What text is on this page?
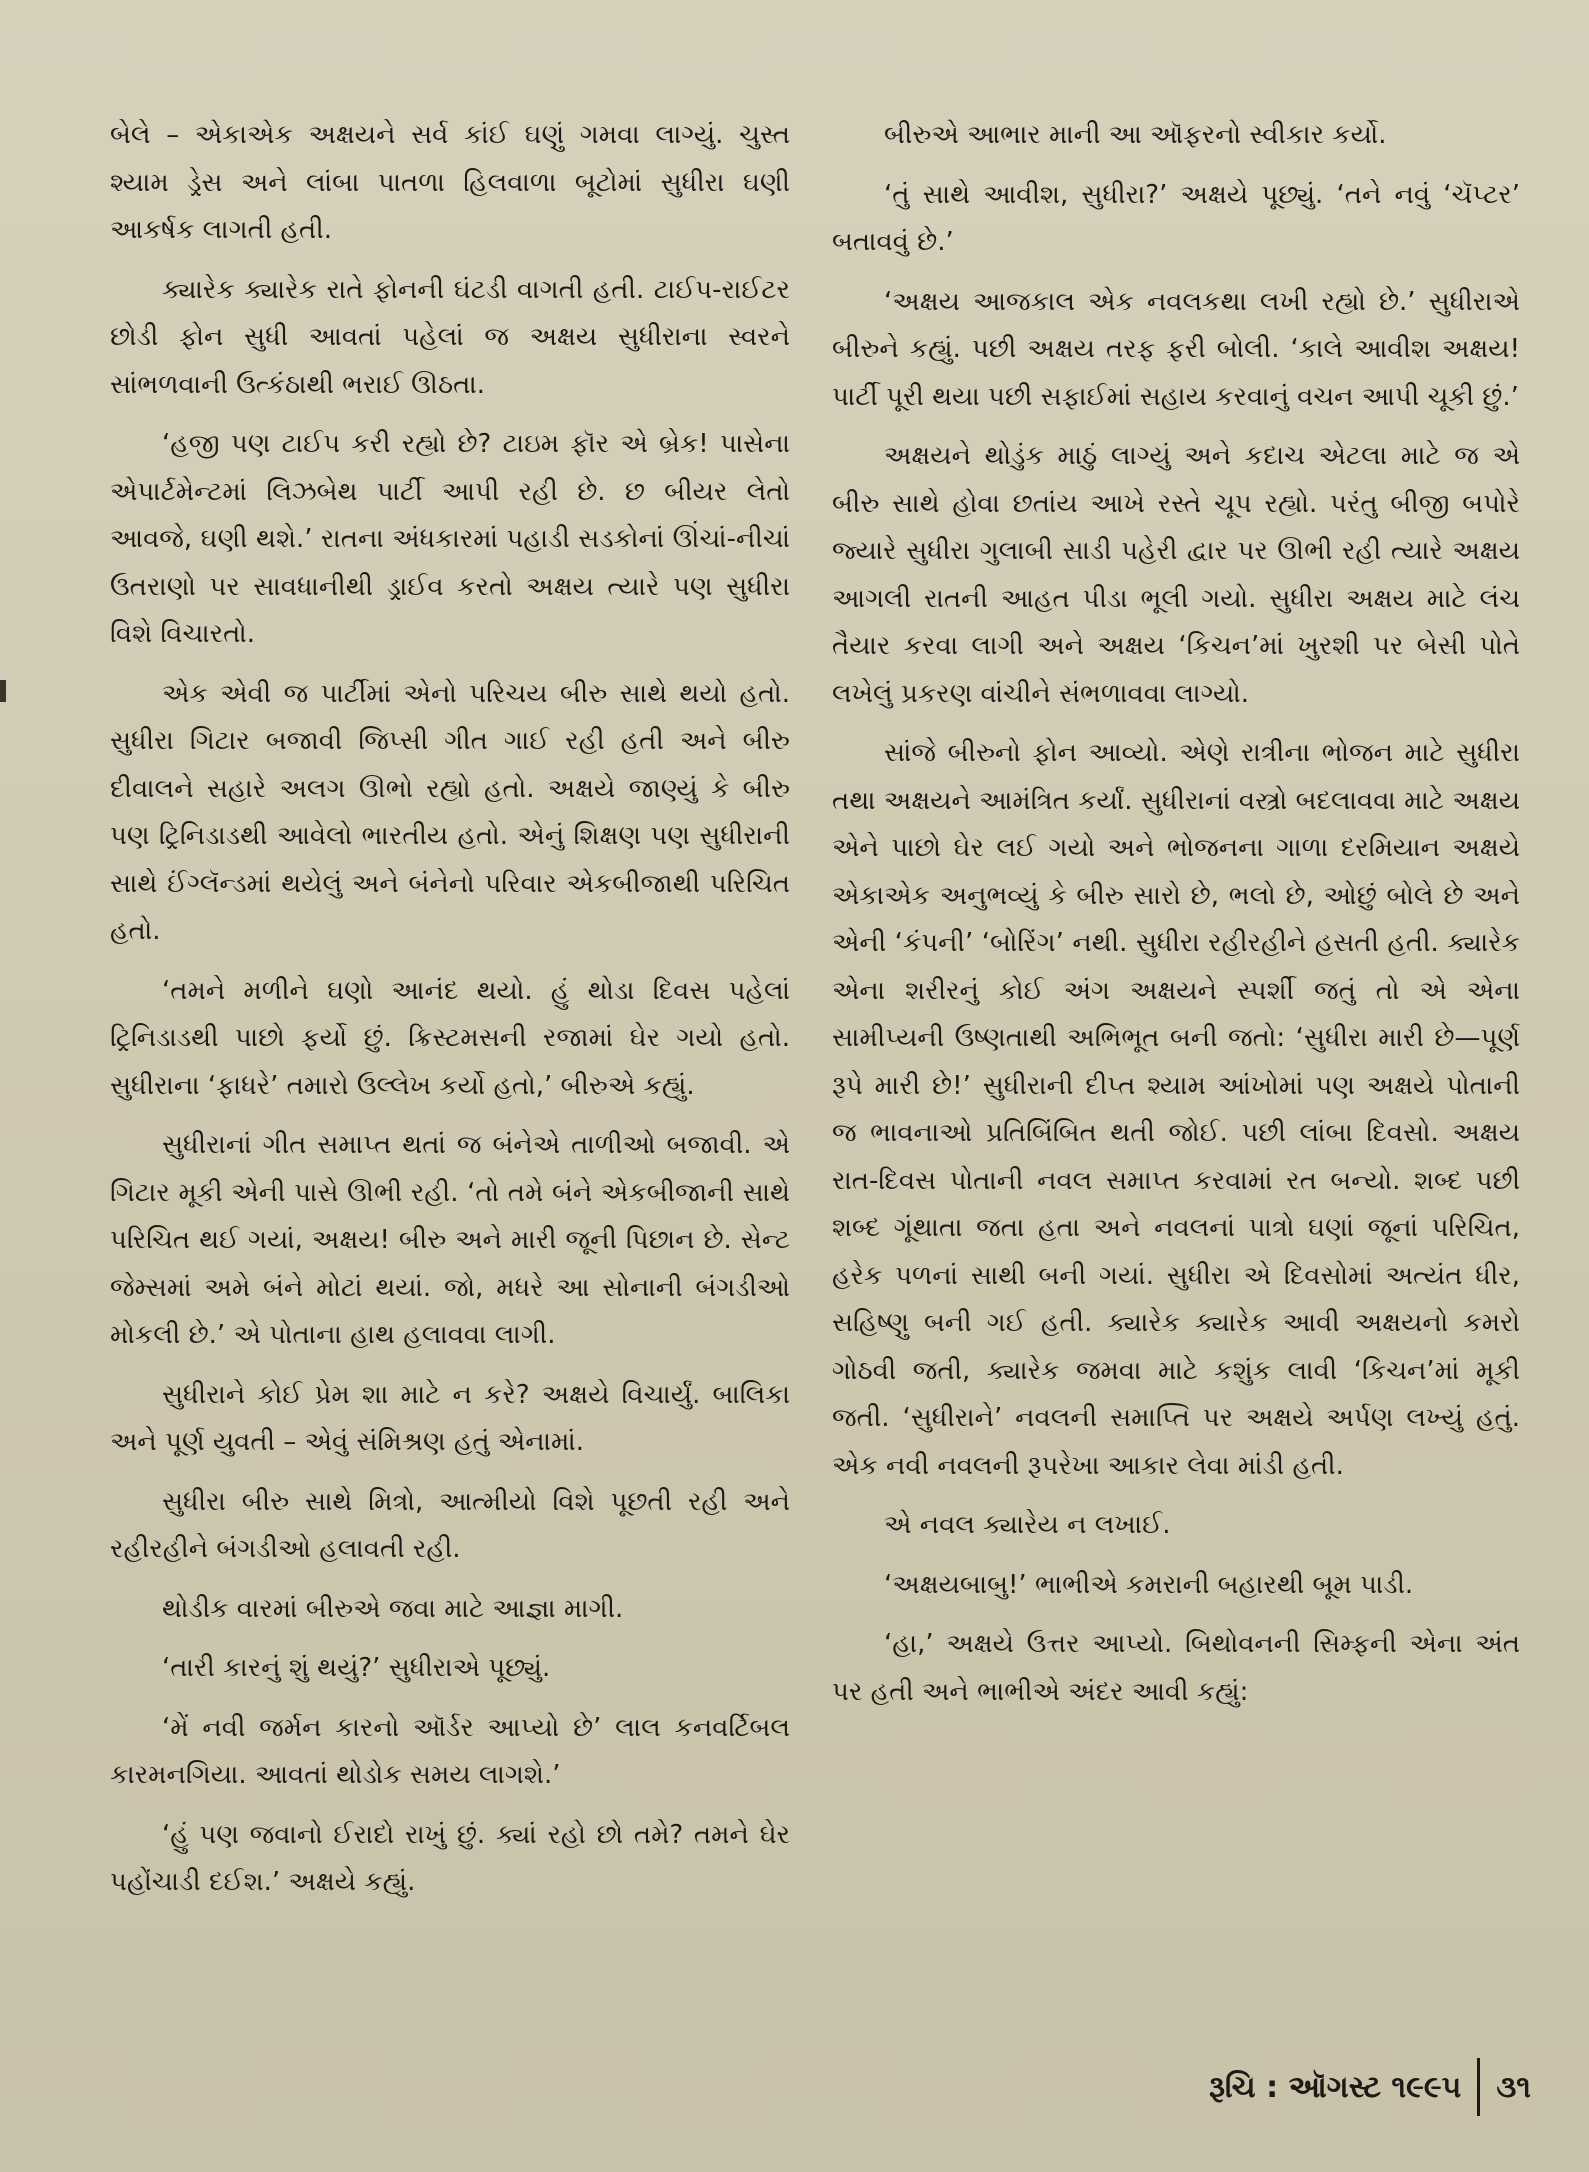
બેલે – એકાએક અક્ષયને સર્વ કાંઈ ઘણું ગમવા લાગ્યું. ચુસ્ત શ્યામ ડ્રેસ અને લાંબા પાતળા હિલવાળા બૂટોમાં સુધીરા ઘણી આકર્ષક લાગતી હતી.

ક્યારેક ક્યારેક રાતે ફોનની ઘંટડી વાગતી હતી. ટાઈપ-રાઈટર છોડી ફોન સુધી આવતાં પહેલાં જ અક્ષય સુધીરાના સ્વરને સાંભળવાની ઉત્કંઠાથી ભરાઈ ઊઠતા.

‘હજી પણ ટાઈપ કરી રહ્યો છે? ટાઇમ ફૉર એ બ્રેક! પાસેના એપાર્ટમેન્ટમાં લિઝબેથ પાર્ટી આપી રહી છે. છ બીયર લેતો આવજે, ઘણી થશે.’ રાતના અંધકારમાં પહાડી સડકોનાં ઊંચાં-નીચાં ઉતરાણો પર સાવધાનીથી ડ્રાઈવ કરતો અક્ષય ત્યારે પણ સુધીરા વિશે વિચારતો.

એક એવી જ પાર્ટીમાં એનો પરિચય બીરુ સાથે થયો હતો. સુધીરા ગિટાર બજાવી જિપ્સી ગીત ગાઈ રહી હતી અને બીરુ દીવાલને સહારે અલગ ઊભો રહ્યો હતો. અક્ષયે જાણ્યું કે બીરુ પણ ટ્રિનિડાડથી આવેલો ભારતીય હતો. એનું શિક્ષણ પણ સુધીરાની સાથે ઈંગ્લૅન્ડમાં થયેલું અને બંનેનો પરિવાર એકબીજાથી પરિચિત હતો.

‘તમને મળીને ઘણો આનંદ થયો. હું થોડા દિવસ પહેલાં ટ્રિનિડાડથી પાછો ફર્યો છું. ક્રિસ્ટમસની રજામાં ઘેર ગયો હતો. સુધીરાના ‘ફાધરે’ તમારો ઉલ્લેખ કર્યો હતો,’ બીરુએ કહ્યું.

સુધીરાનાં ગીત સમાપ્ત થતાં જ બંનેએ તાળીઓ બજાવી. એ ગિટાર મૂકી એની પાસે ઊભી રહી. ‘તો તમે બંને એકબીજાની સાથે પરિચિત થઈ ગયાં, અક્ષય! બીરુ અને મારી જૂની પિછાન છે. સેન્ટ જેમ્સમાં અમે બંને મોટાં થયાં. જો, મધરે આ સોનાની બંગડીઓ મોકલી છે.’ એ પોતાના હાથ હલાવવા લાગી.

સુધીરાને કોઈ પ્રેમ શા માટે ન કરે? અક્ષયે વિચાર્યું. બાલિકા અને પૂર્ણ યુવતી – એવું સંમિશ્રણ હતું એનામાં.

સુધીરા બીરુ સાથે મિત્રો, આત્મીયો વિશે પૂછતી રહી અને રહીરહીને બંગડીઓ હલાવતી રહી.

થોડીક વારમાં બીરુએ જવા માટે આજ્ઞા માગી.

‘તારી કારનું શું થયું?’ સુધીરાએ પૂછ્યું.

‘મેં નવી જર્મન કારનો ઑર્ડર આપ્યો છે’ લાલ કનવર્ટિબલ કારમનગિયા. આવતાં થોડોક સમય લાગશે.’

‘હું પણ જવાનો ઈરાદો રાખું છું. ક્યાં રહો છો તમે? તમને ઘેર પહોંચાડી દઈશ.’ અક્ષયે કહ્યું.

બીરુએ આભાર માની આ ઑફરનો સ્વીકાર કર્યો.

‘તું સાથે આવીશ, સુધીરા?’ અક્ષયે પૂછ્યું. ‘તને નવું ‘ચૅપ્ટર’ બતાવવું છે.’

‘અક્ષય આજકાલ એક નવલકથા લખી રહ્યો છે.’ સુધીરાએ બીરુને કહ્યું. પછી અક્ષય તરફ ફરી બોલી. ‘કાલે આવીશ અક્ષય! પાર્ટી પૂરી થયા પછી સફાઈમાં સહાય કરવાનું વચન આપી ચૂકી છું.’

અક્ષયને થોડુંક માઠું લાગ્યું અને કદાચ એટલા માટે જ એ બીરુ સાથે હોવા છતાંય આખે રસ્તે ચૂપ રહ્યો. પરંતુ બીજી બપોરે જ્યારે સુધીરા ગુલાબી સાડી પહેરી દ્વાર પર ઊભી રહી ત્યારે અક્ષય આગલી રાતની આહત પીડા ભૂલી ગયો. સુધીરા અક્ષય માટે લંચ તૈયાર કરવા લાગી અને અક્ષય ‘કિચન’માં ખુરશી પર બેસી પોતે લખેલું પ્રકરણ વાંચીને સંભળાવવા લાગ્યો.

સાંજે બીરુનો ફોન આવ્યો. એણે રાત્રીના ભોજન માટે સુધીરા તથા અક્ષયને આમંત્રિત કર્યાં. સુધીરાનાં વસ્ત્રો બદલાવવા માટે અક્ષય એને પાછો ઘેર લઈ ગયો અને ભોજનના ગાળા દરમિયાન અક્ષયે એકાએક અનુભવ્યું કે બીરુ સારો છે, ભલો છે, ઓછું બોલે છે અને એની ‘કંપની’ ‘બોરિંગ’ નથી. સુધીરા રહીરહીને હસતી હતી. ક્યારેક એના શરીરનું કોઈ અંગ અક્ષયને સ્પર્શી જતું તો એ એના સામીપ્યની ઉષ્ણતાથી અભિભૂત બની જતો: ‘સુધીરા મારી છે—પૂર્ણ રૂપે મારી છે!’ સુધીરાની દીપ્ત શ્યામ આંખોમાં પણ અક્ષયે પોતાની જ ભાવનાઓ પ્રતિબિંબિત થતી જોઈ. પછી લાંબા દિવસો. અક્ષય રાત-દિવસ પોતાની નવલ સમાપ્ત કરવામાં રત બન્યો. શબ્દ પછી શબ્દ ગૂંથાતા જતા હતા અને નવલનાં પાત્રો ઘણાં જૂનાં પરિચિત, હરેક પળનાં સાથી બની ગયાં. સુધીરા એ દિવસોમાં અત્યંત ધીર, સહિષ્ણુ બની ગઈ હતી. ક્યારેક ક્યારેક આવી અક્ષયનો કમરો ગોઠવી જતી, ક્યારેક જમવા માટે કશુંક લાવી ‘કિચન’માં મૂકી જતી. ‘સુધીરાને’ નવલની સમાપ્તિ પર અક્ષયે અર્પણ લખ્યું હતું. એક નવી નવલની રૂપરેખા આકાર લેવા માંડી હતી.

એ નવલ ક્યારેય ન લખાઈ.

‘અક્ષયબાબુ!’ ભાભીએ કમરાની બહારથી બૂમ પાડી.

‘હા,’ અક્ષયે ઉત્તર આપ્યો. બિથોવનની સિમ્ફની એના અંત પર હતી અને ભાભીએ અંદર આવી કહ્યું:

રૂચિ : ઑગસ્ટ ૧૯૯૫ ૩૧
